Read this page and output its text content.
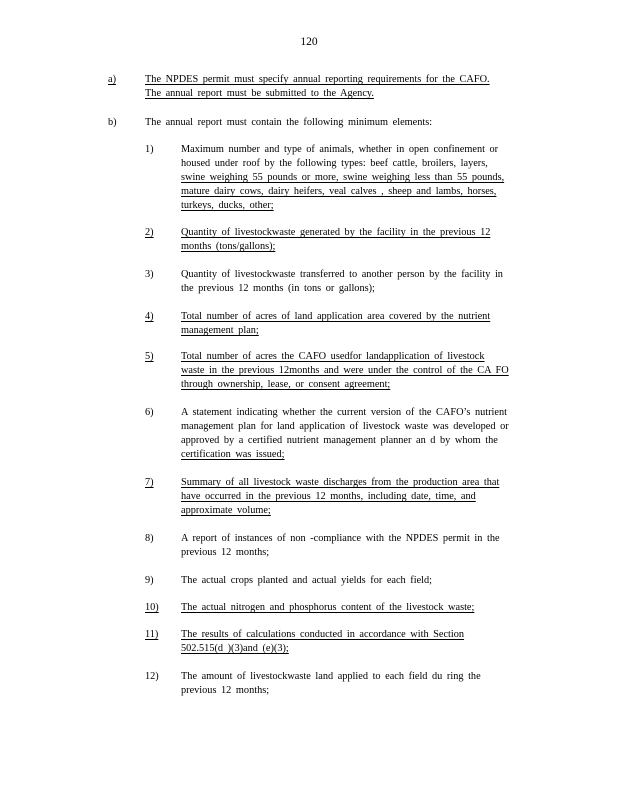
120
a)	The NPDES permit must specify annual reporting requirements for the CAFO.
The annual report must be submitted to the Agency.
b)	The annual report must contain the following minimum elements:
1)	Maximum number and type of animals, whether in open confinement or
housed under roof by the following types: beef cattle, broilers, layers,
swine weighing 55 pounds or more, swine weighing less than 55 pounds,
mature dairy cows, dairy heifers, veal calves , sheep and lambs, horses,
turkeys, ducks, other;
2)	Quantity of livestockwaste generated by the facility in the previous 12
months (tons/gallons);
3)	Quantity of livestockwaste transferred to another person by the facility in
the previous 12 months (in tons or gallons);
4)	Total number of acres of land application area covered by the nutrient
management plan;
5)	Total number of acres the CAFO usedfor landapplication of livestock
waste in the previous 12months and were under the control of the CA FO
through ownership, lease, or consent agreement;
6)	A statement indicating whether the current version of the CAFO’s nutrient
management plan for land application of livestock waste was developed or
approved by a certified nutrient management planner an d by whom the
certification was issued;
7)	Summary of all livestock waste discharges from the production area that
have occurred in the previous 12 months, including date, time, and
approximate volume;
8)	A report of instances of non -compliance with the NPDES permit in the
previous 12 months;
9)	The actual crops planted and actual yields for each field;
10) The actual nitrogen and phosphorus content of the livestock waste;
11) The results of calculations conducted in accordance with Section
502.515(d )(3)and (e)(3);
12) The amount of livestockwaste land applied to each field du ring the
previous 12 months;
